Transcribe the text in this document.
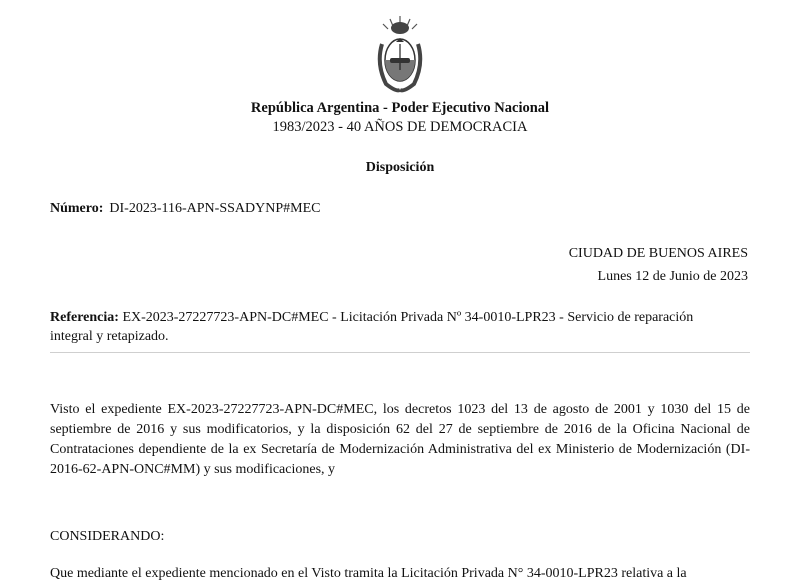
República Argentina - Poder Ejecutivo Nacional
1983/2023 - 40 AÑOS DE DEMOCRACIA
Disposición
Número: DI-2023-116-APN-SSADYNP#MEC
CIUDAD DE BUENOS AIRES
Lunes 12 de Junio de 2023
Referencia: EX-2023-27227723-APN-DC#MEC - Licitación Privada Nº 34-0010-LPR23 - Servicio de reparación integral y retapizado.
Visto el expediente EX-2023-27227723-APN-DC#MEC, los decretos 1023 del 13 de agosto de 2001 y 1030 del 15 de septiembre de 2016 y sus modificatorios, y la disposición 62 del 27 de septiembre de 2016 de la Oficina Nacional de Contrataciones dependiente de la ex Secretaría de Modernización Administrativa del ex Ministerio de Modernización (DI-2016-62-APN-ONC#MM) y sus modificaciones, y
CONSIDERANDO:
Que mediante el expediente mencionado en el Visto tramita la Licitación Privada N° 34-0010-LPR23 relativa a la
